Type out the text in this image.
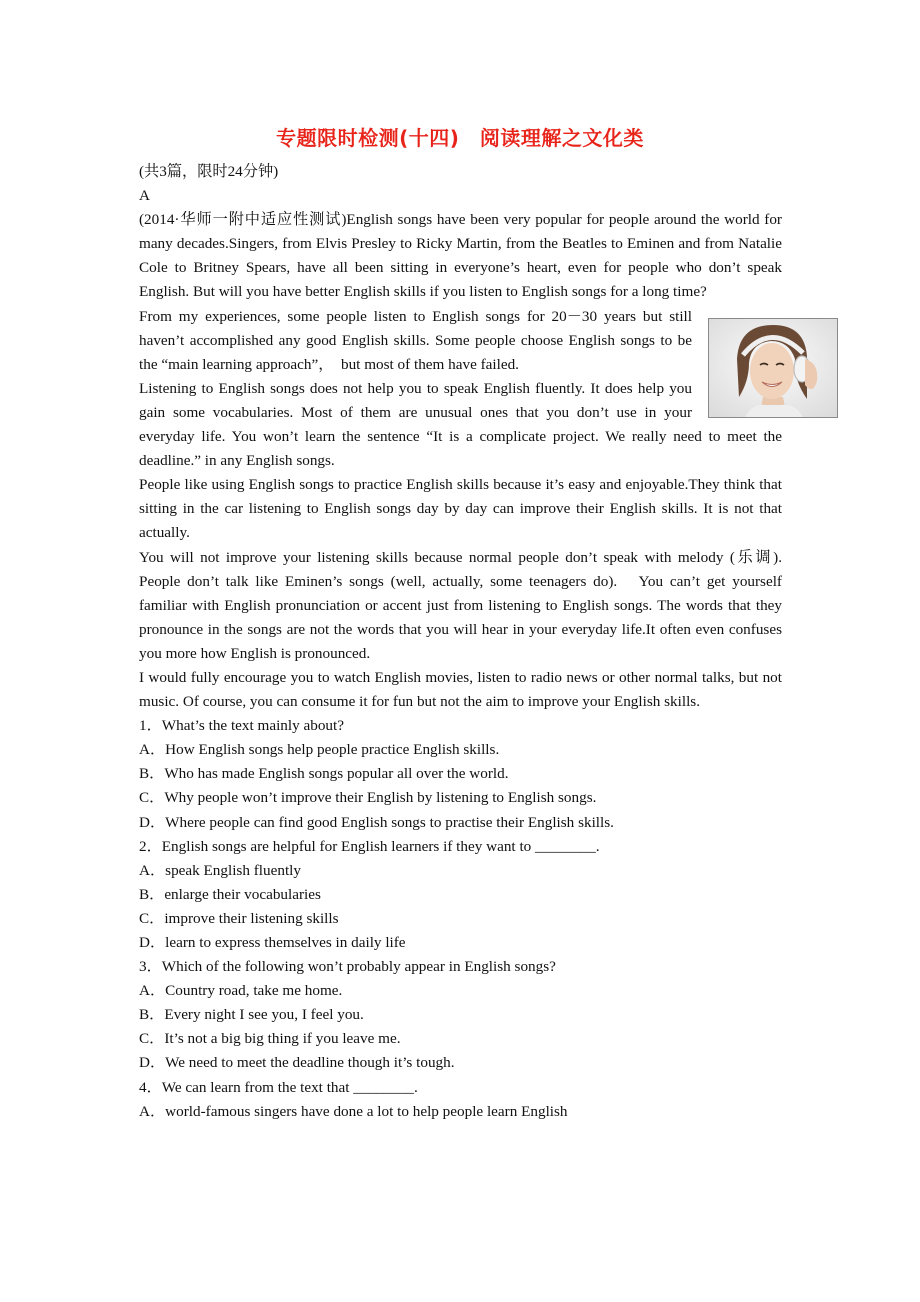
专题限时检测(十四)　阅读理解之文化类

(共3篇，限时24分钟)

A

(2014·华师一附中适应性测试)English songs have been very popular for people around the world for many decades.Singers, from Elvis Presley to Ricky Martin, from the Beatles to Eminen and from Natalie Cole to Britney Spears, have all been sitting in everyone’s heart, even for people who don’t speak English. But will you have better English skills if you listen to English songs for a long time?

From my experiences, some people listen to English songs for 20－30 years but still haven’t accomplished any good English skills. Some people choose English songs to be the “main learning approach”，　but most of them have failed.

Listening to English songs does not help you to speak English fluently. It does help you gain some vocabularies. Most of them are unusual ones that you don’t use in your everyday life. You won’t learn the sentence “It is a complicate project. We really need to meet the deadline.” in any English songs.

People like using English songs to practice English skills because it’s easy and enjoyable.They think that sitting in the car listening to English songs day by day can improve their English skills. It is not that actually.

You will not improve your listening skills because normal people don’t speak with melody (乐调). People don’t talk like Eminen’s songs (well, actually, some teenagers do).　You can’t get yourself familiar with English pronunciation or accent just from listening to English songs. The words that they pronounce in the songs are not the words that you will hear in your everyday life.It often even confuses you more how English is pronounced.

I would fully encourage you to watch English movies, listen to radio news or other normal talks, but not music. Of course, you can consume it for fun but not the aim to improve your English skills.

1．What’s the text mainly about?

A．How English songs help people practice English skills.

B．Who has made English songs popular all over the world.

C．Why people won’t improve their English by listening to English songs.

D．Where people can find good English songs to practise their English skills.

2．English songs are helpful for English learners if they want to ________.

A．speak English fluently

B．enlarge their vocabularies

C．improve their listening skills

D．learn to express themselves in daily life

3．Which of the following won’t probably appear in English songs?

A．Country road, take me home.

B．Every night I see you, I feel you.

C．It’s not a big big thing if you leave me.

D．We need to meet the deadline though it’s tough.

4．We can learn from the text that ________.

A．world-famous singers have done a lot to help people learn English
